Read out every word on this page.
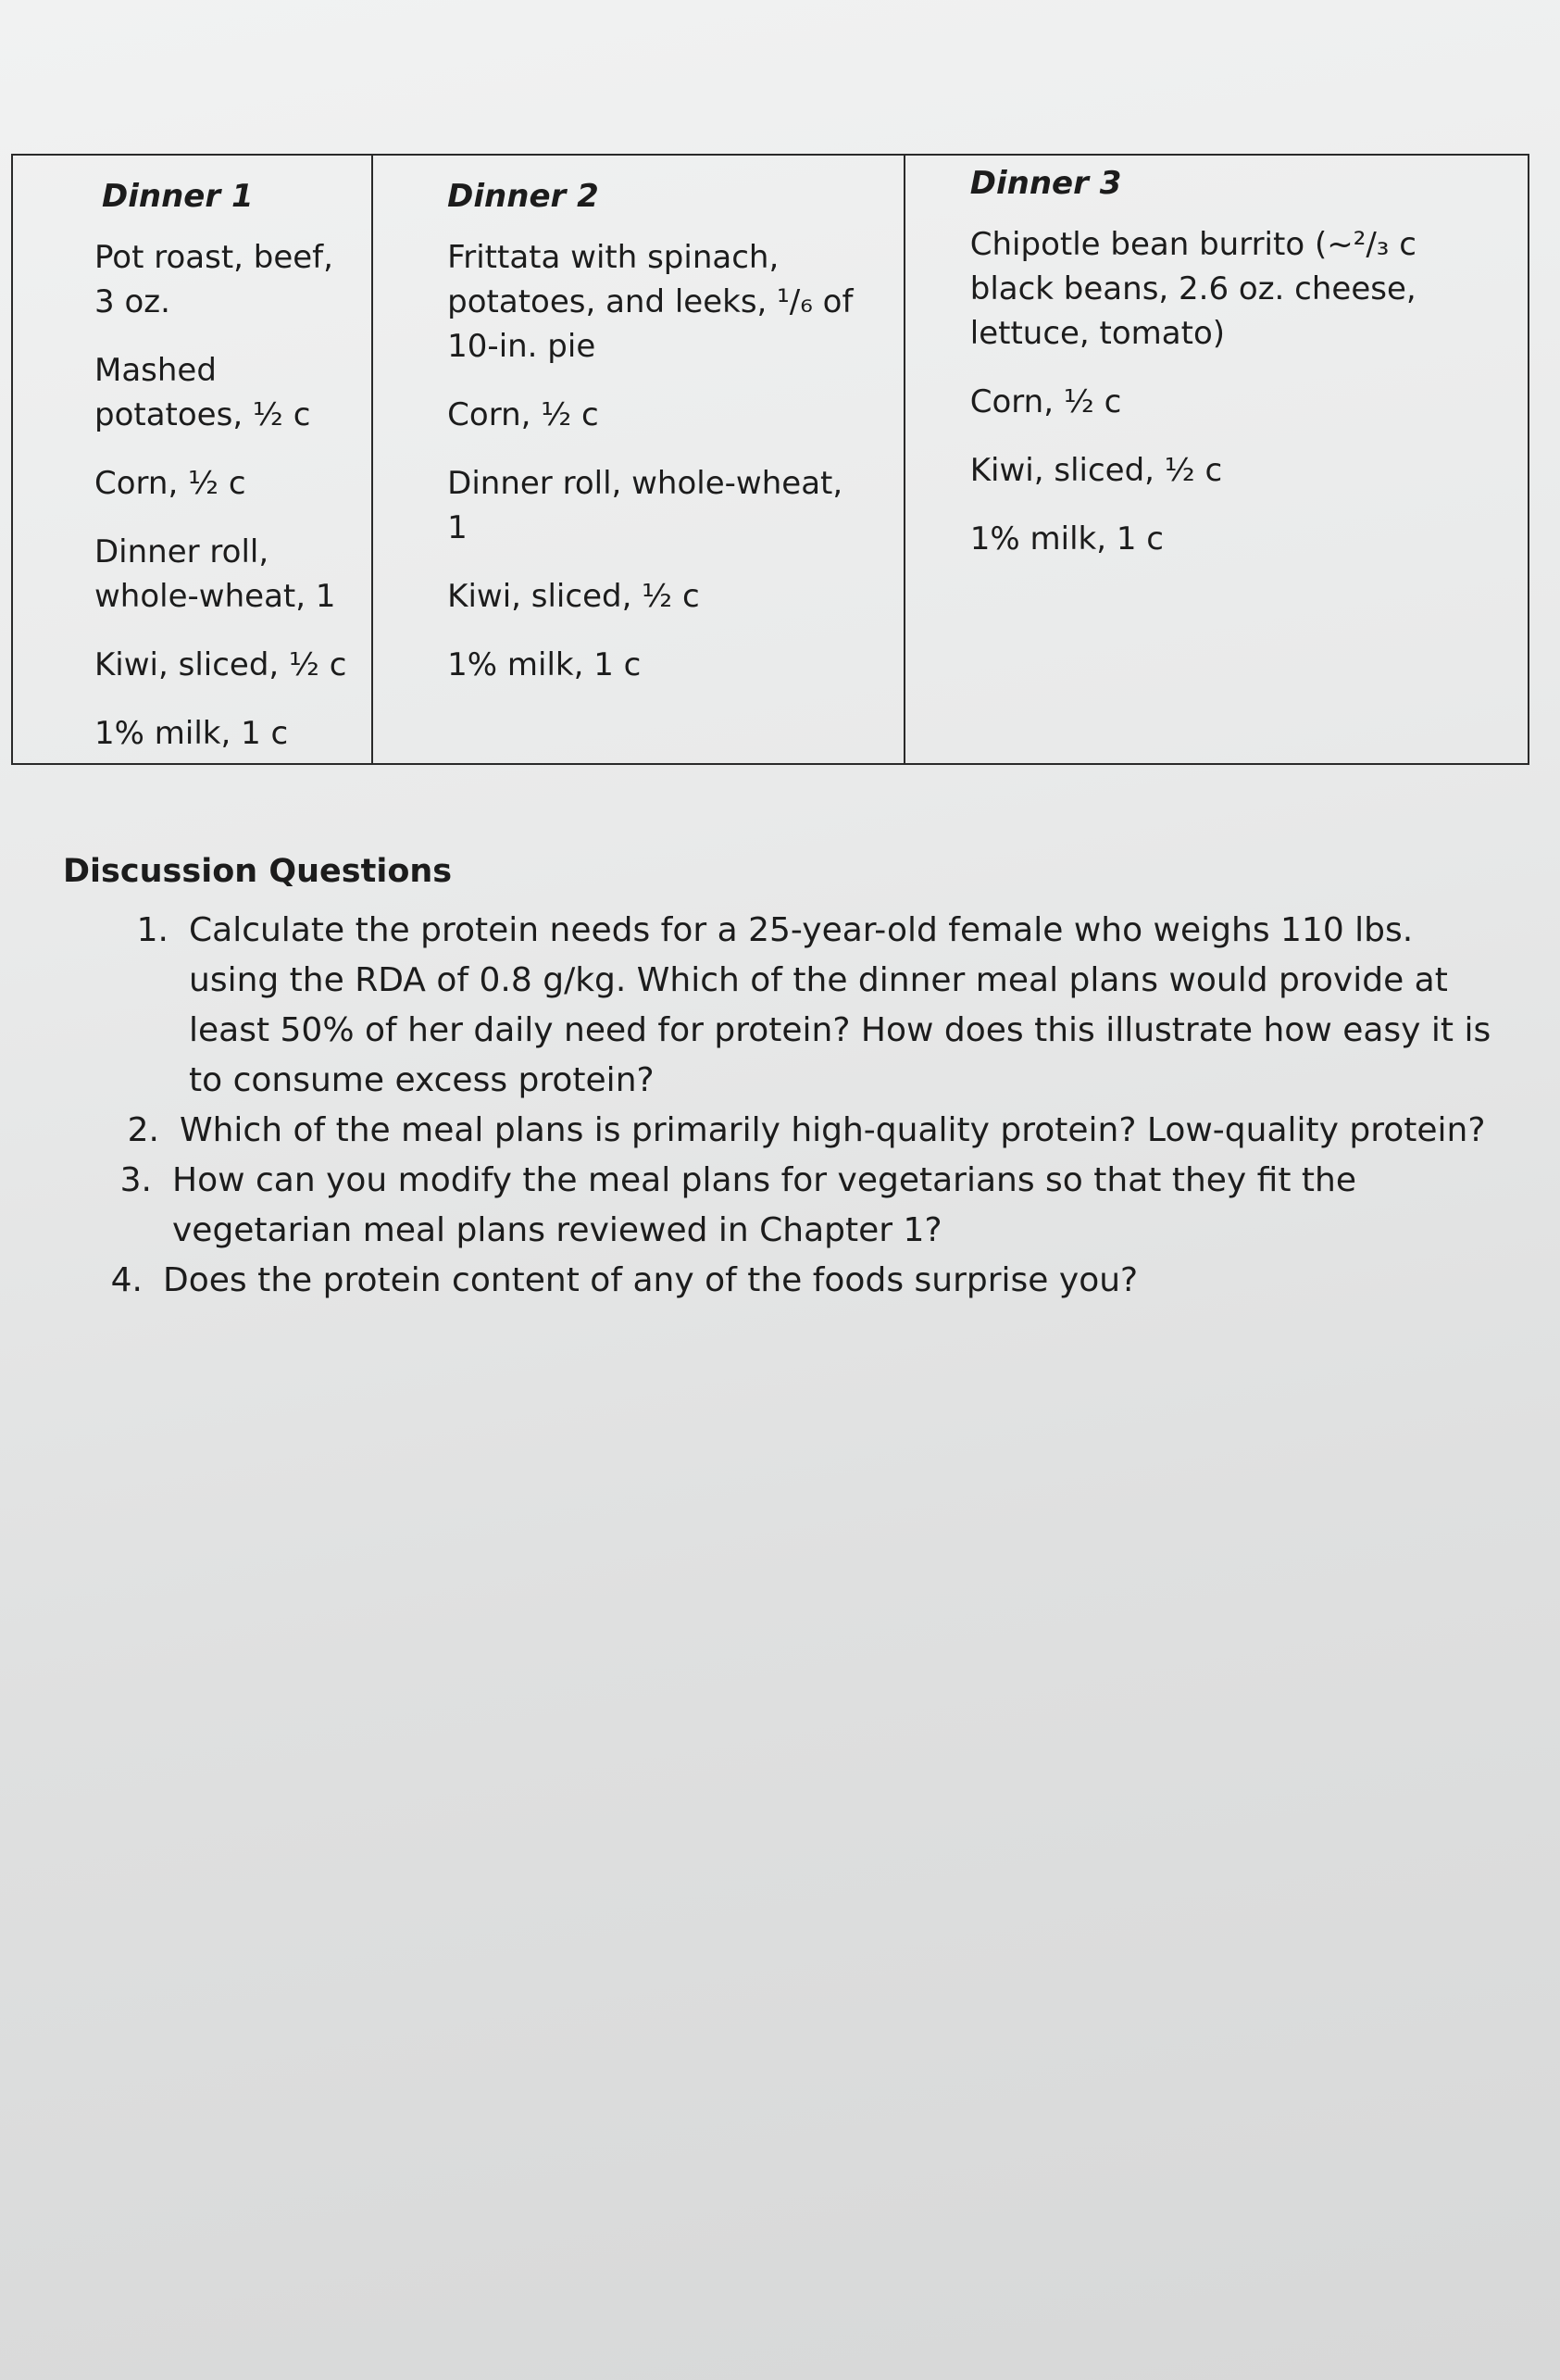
Dinner 1
Pot roast, beef,
3 oz.
Mashed
potatoes, ½ c
Corn, ½ c
Dinner roll,
whole-wheat, 1
Kiwi, sliced, ½ c
1% milk, 1 c
Dinner 2
Frittata with spinach,
potatoes, and leeks, ¹/₆ of
10-in. pie
Corn, ½ c
Dinner roll, whole-wheat,
1
Kiwi, sliced, ½ c
1% milk, 1 c
Dinner 3
Chipotle bean burrito (~²/₃ c
black beans, 2.6 oz. cheese,
lettuce, tomato)
Corn, ½ c
Kiwi, sliced, ½ c
1% milk, 1 c
Discussion Questions
1. Calculate the protein needs for a 25-year-old female who weighs 110 lbs. using the RDA of 0.8 g/kg. Which of the dinner meal plans would provide at least 50% of her daily need for protein? How does this illustrate how easy it is to consume excess protein?
2. Which of the meal plans is primarily high-quality protein? Low-quality protein?
3. How can you modify the meal plans for vegetarians so that they fit the vegetarian meal plans reviewed in Chapter 1?
4. Does the protein content of any of the foods surprise you?
